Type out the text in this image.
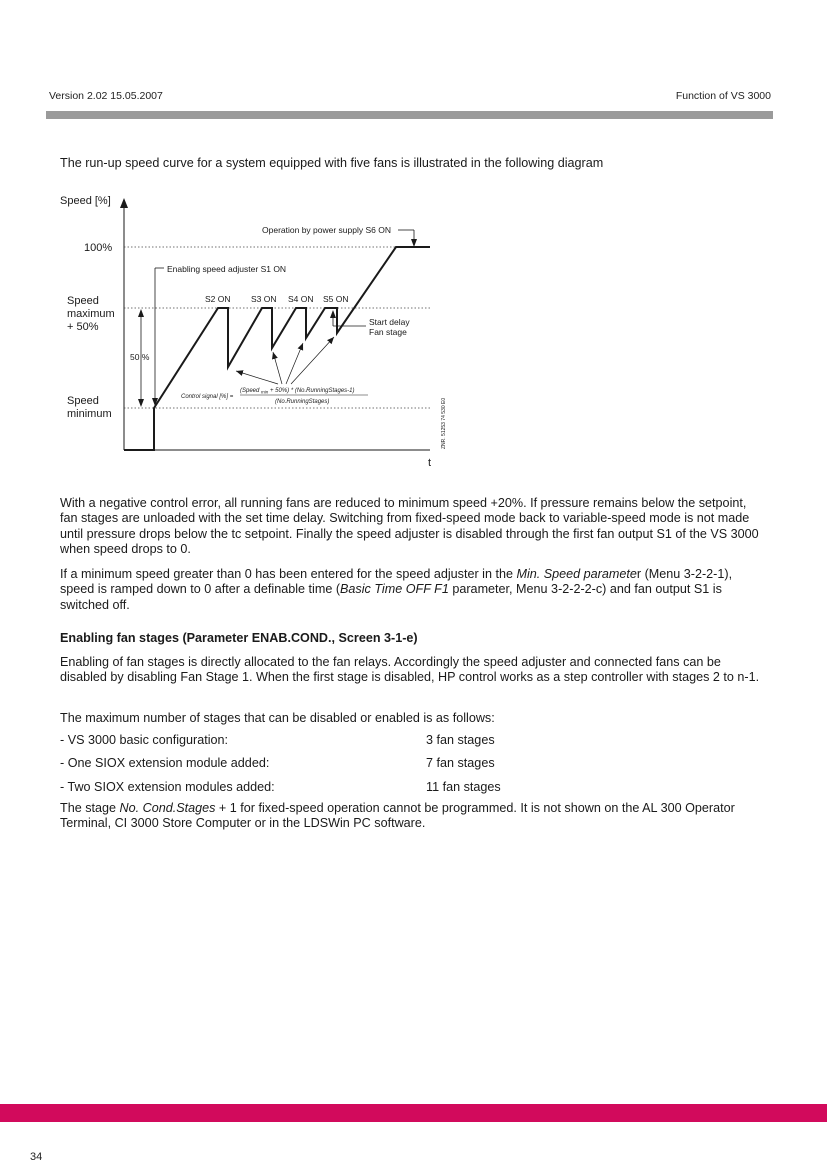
Version 2.02 15.05.2007	Function of VS 3000
The run-up speed curve for a system equipped with five fans is illustrated in the following diagram
50 %
Speed [%]
100%
Speed
maximum
+ 50%
Speed
minimum
t
Operation by power supply S6 ON
Enabling speed adjuster S1 ON
S2 ON S3 ON S4 ON S5 ON
Start delay
Fan stage
Control signal [%] =
(Speed $_{min}$ + 50%) * (No.RunningStages-1)
(No.RunningStages)	ZNR. 51253 74 530 E0
With a negative control error, all running fans are reduced to minimum speed +20%. If pressure remains below the setpoint, fan stages are unloaded with the set time delay. Switching from fixed-speed mode back to variable-speed mode is not made until pressure drops below the tc setpoint. Finally the speed adjuster is disabled through the first fan output S1 of the VS 3000 when speed drops to 0.
If a minimum speed greater than 0 has been entered for the speed adjuster in the Min. Speed parameter (Menu 3-2-2-1), speed is ramped down to 0 after a definable time (Basic Time OFF F1 parameter, Menu 3-2-2-2-c) and fan output S1 is switched off.
Enabling fan stages (Parameter ENAB.COND., Screen 3-1-e)
Enabling of fan stages is directly allocated to the fan relays. Accordingly the speed adjuster and connected fans can be disabled by disabling Fan Stage 1. When the first stage is disabled, HP control works as a step controller with stages 2 to n-1.
The maximum number of stages that can be disabled or enabled is as follows:
- VS 3000 basic configuration:	3 fan stages
- One SIOX extension module added:	7 fan stages
- Two SIOX extension modules added:	11 fan stages
The stage No. Cond.Stages + 1 for fixed-speed operation cannot be programmed. It is not shown on the AL 300 Operator Terminal, CI 3000 Store Computer or in the LDSWin PC software.
34
